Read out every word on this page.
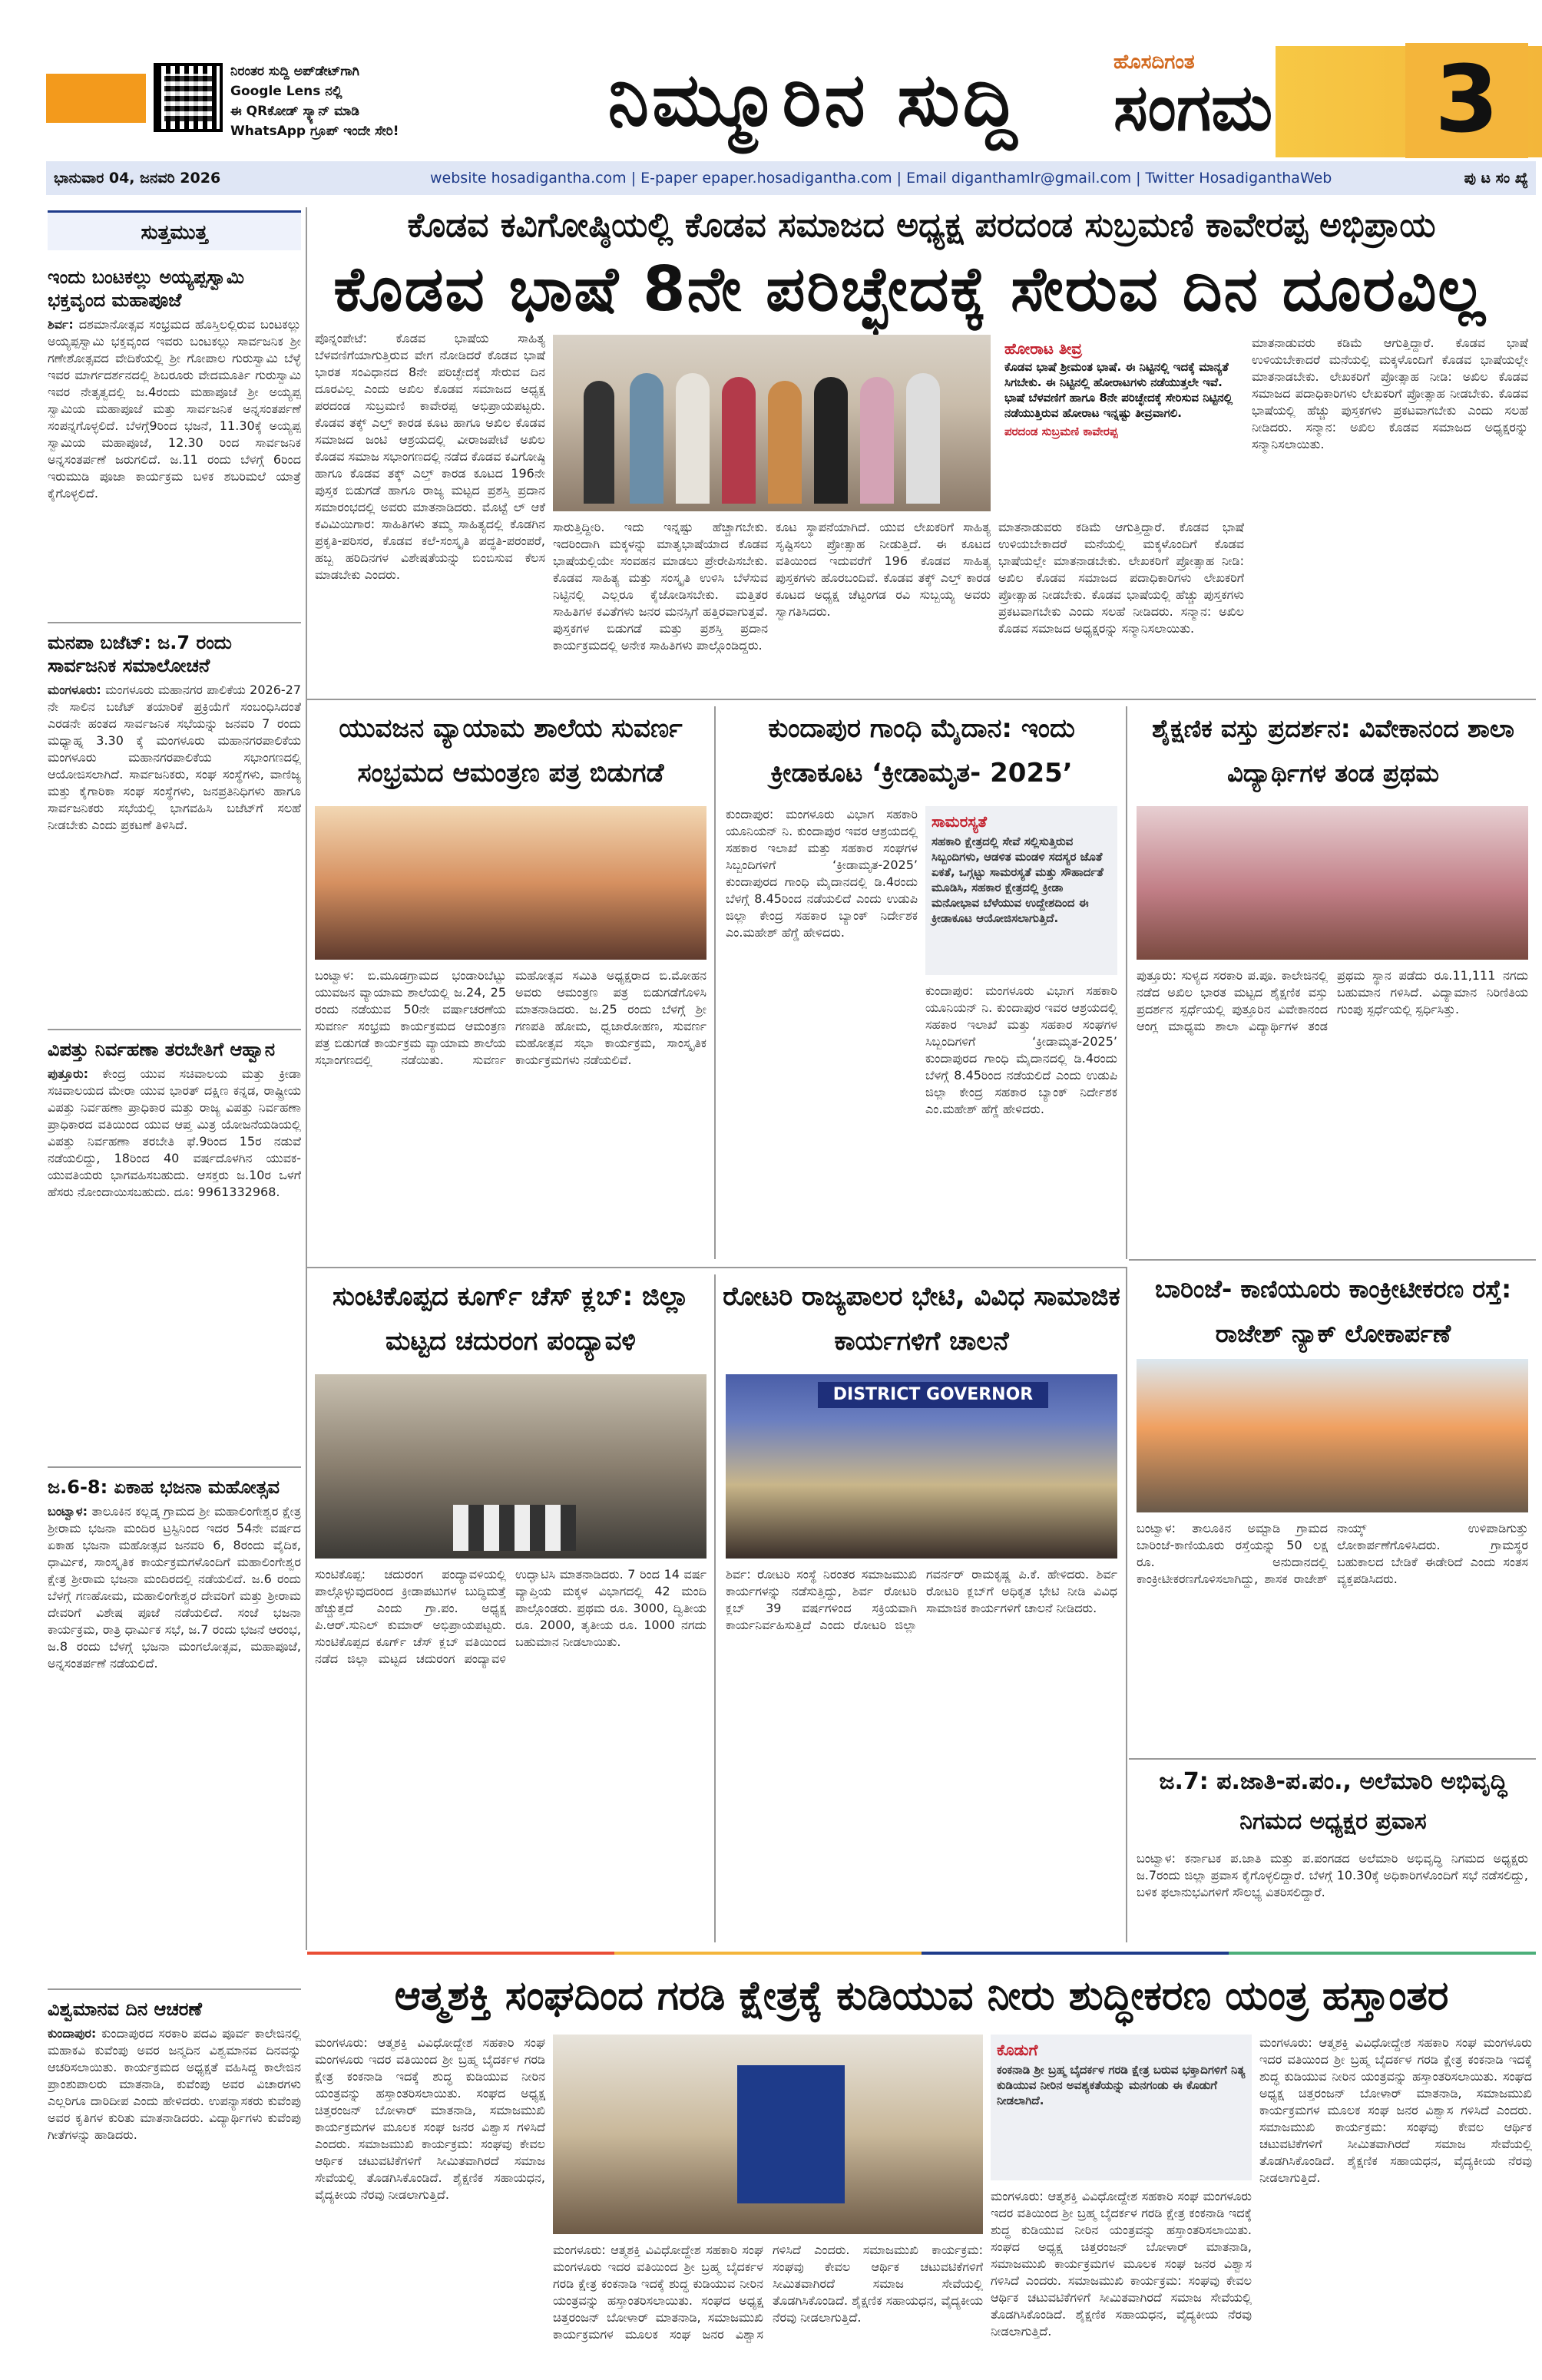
ನಿರಂತರ ಸುದ್ದಿ ಅಪ್‌ಡೇಟ್‌ಗಾಗಿ
Google Lens ನಲ್ಲಿ
ಈ QRಕೋಡ್ ಸ್ಕ್ಯಾನ್ ಮಾಡಿ
WhatsApp ಗ್ರೂಪ್ ಇಂದೇ ಸೇರಿ!	ನಿಮ್ಮೂರಿನ ಸುದ್ದಿ	ಹೊಸದಿಗಂತ
ಸಂಗಮ	3
ಭಾನುವಾರ 04, ಜನವರಿ 2026	website hosadigantha.com | E-paper epaper.hosadigantha.com | Email diganthamlr@gmail.com | Twitter HosadiganthaWeb	ಪು ಟ ಸಂ ಖ್ಯೆ
ಸುತ್ತಮುತ್ತ
ಇಂದು ಬಂಟಕಲ್ಲು ಅಯ್ಯಪ್ಪಸ್ವಾಮಿ ಭಕ್ತವೃಂದ ಮಹಾಪೂಜೆ
ಶಿರ್ವ: ದಶಮಾನೋತ್ಸವ ಸಂಭ್ರಮದ ಹೊಸ್ತಿಲಲ್ಲಿರುವ ಬಂಟಕಲ್ಲು ಅಯ್ಯಪ್ಪಸ್ವಾಮಿ ಭಕ್ತವೃಂದ ಇವರು ಬಂಟಕಲ್ಲು ಸಾರ್ವಜನಿಕ ಶ್ರೀ ಗಣೇಶೋತ್ಸವದ ವೇದಿಕೆಯಲ್ಲಿ ಶ್ರೀ ಗೋಪಾಲ ಗುರುಸ್ವಾಮಿ ಬೆಳ್ಳೆ ಇವರ ಮಾರ್ಗದರ್ಶನದಲ್ಲಿ ಶಿಬರೂರು ವೇದಮೂರ್ತಿ ಗುರುಸ್ವಾಮಿ ಇವರ ನೇತೃತ್ವದಲ್ಲಿ ಜ.4ರಂದು ಮಹಾಪೂಜೆ ಶ್ರೀ ಅಯ್ಯಪ್ಪ ಸ್ವಾಮಿಯ ಮಹಾಪೂಜೆ ಮತ್ತು ಸಾರ್ವಜನಿಕ ಅನ್ನಸಂತರ್ಪಣೆ ಸಂಪನ್ನಗೊಳ್ಳಲಿದೆ. ಬೆಳಗ್ಗೆ9ರಿಂದ ಭಜನೆ, 11.30ಕ್ಕೆ ಅಯ್ಯಪ್ಪ ಸ್ವಾಮಿಯ ಮಹಾಪೂಜೆ, 12.30 ರಿಂದ ಸಾರ್ವಜನಿಕ ಅನ್ನಸಂತರ್ಪಣೆ ಜರುಗಲಿದೆ. ಜ.11 ರಂದು ಬೆಳಗ್ಗೆ 6ರಿಂದ ಇರುಮುಡಿ ಪೂಜಾ ಕಾರ್ಯಕ್ರಮ ಬಳಿಕ ಶಬರಿಮಲೆ ಯಾತ್ರೆ ಕೈಗೊಳ್ಳಲಿದೆ.
ಮನಪಾ ಬಜೆಟ್: ಜ.7 ರಂದು ಸಾರ್ವಜನಿಕ ಸಮಾಲೋಚನೆ
ಮಂಗಳೂರು: ಮಂಗಳೂರು ಮಹಾನಗರ ಪಾಲಿಕೆಯ 2026-27 ನೇ ಸಾಲಿನ ಬಜೆಟ್ ತಯಾರಿಕೆ ಪ್ರಕ್ರಿಯೆಗೆ ಸಂಬಂಧಿಸಿದಂತೆ ಎರಡನೇ ಹಂತದ ಸಾರ್ವಜನಿಕ ಸಭೆಯನ್ನು ಜನವರಿ 7 ರಂದು ಮಧ್ಯಾಹ್ನ 3.30 ಕ್ಕೆ ಮಂಗಳೂರು ಮಹಾನಗರಪಾಲಿಕೆಯ ಮಂಗಳೂರು ಮಹಾನಗರಪಾಲಿಕೆಯ ಸಭಾಂಗಣದಲ್ಲಿ ಆಯೋಜಿಸಲಾಗಿದೆ. ಸಾರ್ವಜನಿಕರು, ಸಂಘ ಸಂಸ್ಥೆಗಳು, ವಾಣಿಜ್ಯ ಮತ್ತು ಕೈಗಾರಿಕಾ ಸಂಘ ಸಂಸ್ಥೆಗಳು, ಜನಪ್ರತಿನಿಧಿಗಳು ಹಾಗೂ ಸಾರ್ವಜನಿಕರು ಸಭೆಯಲ್ಲಿ ಭಾಗವಹಿಸಿ ಬಜೆಟ್‌ಗೆ ಸಲಹೆ ನೀಡಬೇಕು ಎಂದು ಪ್ರಕಟಣೆ ತಿಳಿಸಿದೆ.
ವಿಪತ್ತು ನಿರ್ವಹಣಾ ತರಬೇತಿಗೆ ಆಹ್ವಾನ
ಪುತ್ತೂರು: ಕೇಂದ್ರ ಯುವ ಸಚಿವಾಲಯ ಮತ್ತು ಕ್ರೀಡಾ ಸಚಿವಾಲಯದ ಮೇರಾ ಯುವ ಭಾರತ್ ದಕ್ಷಿಣ ಕನ್ನಡ, ರಾಷ್ಟ್ರೀಯ ವಿಪತ್ತು ನಿರ್ವಹಣಾ ಪ್ರಾಧಿಕಾರ ಮತ್ತು ರಾಜ್ಯ ವಿಪತ್ತು ನಿರ್ವಹಣಾ ಪ್ರಾಧಿಕಾರದ ವತಿಯಿಂದ ಯುವ ಆಪ್ತ ಮಿತ್ರ ಯೋಜನೆಯಡಿಯಲ್ಲಿ ವಿಪತ್ತು ನಿರ್ವಹಣಾ ತರಬೇತಿ ಫೆ.9ರಿಂದ 15ರ ನಡುವೆ ನಡೆಯಲಿದ್ದು, 18ರಿಂದ 40 ವರ್ಷದೊಳಗಿನ ಯುವಕ-ಯುವತಿಯರು ಭಾಗವಹಿಸಬಹುದು. ಆಸಕ್ತರು ಜ.10ರ ಒಳಗೆ ಹೆಸರು ನೋಂದಾಯಿಸಬಹುದು. ದೂ: 9961332968.
ಜ.6-8: ಏಕಾಹ ಭಜನಾ ಮಹೋತ್ಸವ
ಬಂಟ್ವಾಳ: ತಾಲೂಕಿನ ಕಲ್ಲಡ್ಕ ಗ್ರಾಮದ ಶ್ರೀ ಮಹಾಲಿಂಗೇಶ್ವರ ಕ್ಷೇತ್ರ ಶ್ರೀರಾಮ ಭಜನಾ ಮಂದಿರ ಟ್ರಸ್ಟಿನಿಂದ ಇದರ 54ನೇ ವರ್ಷದ ಏಕಾಹ ಭಜನಾ ಮಹೋತ್ಸವ ಜನವರಿ 6, 8ರಂದು ವೈದಿಕ, ಧಾರ್ಮಿಕ, ಸಾಂಸ್ಕೃತಿಕ ಕಾರ್ಯಕ್ರಮಗಳೊಂದಿಗೆ ಮಹಾಲಿಂಗೇಶ್ವರ ಕ್ಷೇತ್ರ ಶ್ರೀರಾಮ ಭಜನಾ ಮಂದಿರದಲ್ಲಿ ನಡೆಯಲಿದೆ. ಜ.6 ರಂದು ಬೆಳಗ್ಗೆ ಗಣಹೋಮ, ಮಹಾಲಿಂಗೇಶ್ವರ ದೇವರಿಗೆ ಮತ್ತು ಶ್ರೀರಾಮ ದೇವರಿಗೆ ವಿಶೇಷ ಪೂಜೆ ನಡೆಯಲಿದೆ. ಸಂಜೆ ಭಜನಾ ಕಾರ್ಯಕ್ರಮ, ರಾತ್ರಿ ಧಾರ್ಮಿಕ ಸಭೆ, ಜ.7 ರಂದು ಭಜನೆ ಆರಂಭ, ಜ.8 ರಂದು ಬೆಳಗ್ಗೆ ಭಜನಾ ಮಂಗಲೋತ್ಸವ, ಮಹಾಪೂಜೆ, ಅನ್ನಸಂತರ್ಪಣೆ ನಡೆಯಲಿದೆ.
ವಿಶ್ವಮಾನವ ದಿನ ಆಚರಣೆ
ಕುಂದಾಪುರ: ಕುಂದಾಪುರದ ಸರಕಾರಿ ಪದವಿ ಪೂರ್ವ ಕಾಲೇಜಿನಲ್ಲಿ ಮಹಾಕವಿ ಕುವೆಂಪು ಅವರ ಜನ್ಮದಿನ ವಿಶ್ವಮಾನವ ದಿನವನ್ನು ಆಚರಿಸಲಾಯಿತು. ಕಾರ್ಯಕ್ರಮದ ಅಧ್ಯಕ್ಷತೆ ವಹಿಸಿದ್ದ ಕಾಲೇಜಿನ ಪ್ರಾಂಶುಪಾಲರು ಮಾತನಾಡಿ, ಕುವೆಂಪು ಅವರ ವಿಚಾರಗಳು ಎಲ್ಲರಿಗೂ ದಾರಿದೀಪ ಎಂದು ಹೇಳಿದರು. ಉಪನ್ಯಾಸಕರು ಕುವೆಂಪು ಅವರ ಕೃತಿಗಳ ಕುರಿತು ಮಾತನಾಡಿದರು. ವಿದ್ಯಾರ್ಥಿಗಳು ಕುವೆಂಪು ಗೀತೆಗಳನ್ನು ಹಾಡಿದರು.
ಕೊಡವ ಕವಿಗೋಷ್ಠಿಯಲ್ಲಿ ಕೊಡವ ಸಮಾಜದ ಅಧ್ಯಕ್ಷ ಪರದಂಡ ಸುಬ್ರಮಣಿ ಕಾವೇರಪ್ಪ ಅಭಿಪ್ರಾಯ
ಕೊಡವ ಭಾಷೆ 8ನೇ ಪರಿಚ್ಛೇದಕ್ಕೆ ಸೇರುವ ದಿನ ದೂರವಿಲ್ಲ
ಪೊನ್ನಂಪೇಟೆ: ಕೊಡವ ಭಾಷೆಯ ಸಾಹಿತ್ಯ ಬೆಳವಣಿಗೆಯಾಗುತ್ತಿರುವ ವೇಗ ನೋಡಿದರೆ ಕೊಡವ ಭಾಷೆ ಭಾರತ ಸಂವಿಧಾನದ 8ನೇ ಪರಿಚ್ಛೇದಕ್ಕೆ ಸೇರುವ ದಿನ ದೂರವಿಲ್ಲ ಎಂದು ಅಖಿಲ ಕೊಡವ ಸಮಾಜದ ಅಧ್ಯಕ್ಷ ಪರದಂಡ ಸುಬ್ರಮಣಿ ಕಾವೇರಪ್ಪ ಅಭಿಪ್ರಾಯಪಟ್ಟರು. ಕೊಡವ ತಕ್ಕ್ ಎಲ್ತ್ ಕಾರಡ ಕೂಟ ಹಾಗೂ ಅಖಿಲ ಕೊಡವ ಸಮಾಜದ ಜಂಟಿ ಆಶ್ರಯದಲ್ಲಿ ವೀರಾಜಪೇಟೆ ಅಖಿಲ ಕೊಡವ ಸಮಾಜ ಸಭಾಂಗಣದಲ್ಲಿ ನಡೆದ ಕೊಡವ ಕವಿಗೋಷ್ಠಿ ಹಾಗೂ ಕೊಡವ ತಕ್ಕ್ ಎಲ್ತ್ ಕಾರಡ ಕೂಟದ 196ನೇ ಪುಸ್ತಕ ಬಿಡುಗಡೆ ಹಾಗೂ ರಾಜ್ಯ ಮಟ್ಟದ ಪ್ರಶಸ್ತಿ ಪ್ರದಾನ ಸಮಾರಂಭದಲ್ಲಿ ಅವರು ಮಾತನಾಡಿದರು. ಮೊಟ್ಟೆ ಲ್ ಆಕೆ ಕವಿಮಿಯಿಗಾರ: ಸಾಹಿತಿಗಳು ತಮ್ಮ ಸಾಹಿತ್ಯದಲ್ಲಿ ಕೊಡಗಿನ ಪ್ರಕೃತಿ-ಪರಿಸರ, ಕೊಡವ ಕಲೆ-ಸಂಸ್ಕೃತಿ ಪದ್ಧತಿ-ಪರಂಪರೆ, ಹಬ್ಬ ಹರಿದಿನಗಳ ವಿಶೇಷತೆಯನ್ನು ಬಿಂಬಿಸುವ ಕೆಲಸ ಮಾಡಬೇಕು ಎಂದರು.
ಸಾರುತ್ತಿದ್ದೀರಿ. ಇದು ಇನ್ನಷ್ಟು ಹೆಚ್ಚಾಗಬೇಕು. ಇದರಿಂದಾಗಿ ಮಕ್ಕಳನ್ನು ಮಾತೃಭಾಷೆಯಾದ ಕೊಡವ ಭಾಷೆಯಲ್ಲಿಯೇ ಸಂವಹನ ಮಾಡಲು ಪ್ರೇರೇಪಿಸಬೇಕು. ಕೊಡವ ಸಾಹಿತ್ಯ ಮತ್ತು ಸಂಸ್ಕೃತಿ ಉಳಿಸಿ ಬೆಳೆಸುವ ನಿಟ್ಟಿನಲ್ಲಿ ಎಲ್ಲರೂ ಕೈಜೋಡಿಸಬೇಕು. ಮತ್ತಿತರ ಸಾಹಿತಿಗಳ ಕವಿತೆಗಳು ಜನರ ಮನಸ್ಸಿಗೆ ಹತ್ತಿರವಾಗುತ್ತವೆ. ಪುಸ್ತಕಗಳ ಬಿಡುಗಡೆ ಮತ್ತು ಪ್ರಶಸ್ತಿ ಪ್ರದಾನ ಕಾರ್ಯಕ್ರಮದಲ್ಲಿ ಅನೇಕ ಸಾಹಿತಿಗಳು ಪಾಲ್ಗೊಂಡಿದ್ದರು.
ಕೂಟ ಸ್ಥಾಪನೆಯಾಗಿದೆ. ಯುವ ಲೇಖಕರಿಗೆ ಸಾಹಿತ್ಯ ಸೃಷ್ಟಿಸಲು ಪ್ರೋತ್ಸಾಹ ನೀಡುತ್ತಿದೆ. ಈ ಕೂಟದ ವತಿಯಿಂದ ಇದುವರೆಗೆ 196 ಕೊಡವ ಸಾಹಿತ್ಯ ಪುಸ್ತಕಗಳು ಹೊರಬಂದಿವೆ. ಕೊಡವ ತಕ್ಕ್ ಎಲ್ತ್ ಕಾರಡ ಕೂಟದ ಅಧ್ಯಕ್ಷ ಚೆಟ್ಟಂಗಡ ರವಿ ಸುಬ್ಬಯ್ಯ ಅವರು ಸ್ವಾಗತಿಸಿದರು.
ಹೋರಾಟ ತೀವ್ರ
ಕೊಡವ ಭಾಷೆ ಶ್ರೀಮಂತ ಭಾಷೆ. ಈ ನಿಟ್ಟಿನಲ್ಲಿ ಇದಕ್ಕೆ ಮಾನ್ಯತೆ ಸಿಗಬೇಕು. ಈ ನಿಟ್ಟಿನಲ್ಲಿ ಹೋರಾಟಗಳು ನಡೆಯುತ್ತಲೇ ಇವೆ. ಭಾಷೆ ಬೆಳವಣಿಗೆ ಹಾಗೂ 8ನೇ ಪರಿಚ್ಛೇದಕ್ಕೆ ಸೇರಿಸುವ ನಿಟ್ಟಿನಲ್ಲಿ ನಡೆಯುತ್ತಿರುವ ಹೋರಾಟ ಇನ್ನಷ್ಟು ತೀವ್ರವಾಗಲಿ.
ಪರದಂಡ ಸುಬ್ರಮಣಿ ಕಾವೇರಪ್ಪ
ಮಾತನಾಡುವರು ಕಡಿಮೆ ಆಗುತ್ತಿದ್ದಾರೆ. ಕೊಡವ ಭಾಷೆ ಉಳಿಯಬೇಕಾದರೆ ಮನೆಯಲ್ಲಿ ಮಕ್ಕಳೊಂದಿಗೆ ಕೊಡವ ಭಾಷೆಯಲ್ಲೇ ಮಾತನಾಡಬೇಕು. ಲೇಖಕರಿಗೆ ಪ್ರೋತ್ಸಾಹ ನೀಡಿ: ಅಖಿಲ ಕೊಡವ ಸಮಾಜದ ಪದಾಧಿಕಾರಿಗಳು ಲೇಖಕರಿಗೆ ಪ್ರೋತ್ಸಾಹ ನೀಡಬೇಕು. ಕೊಡವ ಭಾಷೆಯಲ್ಲಿ ಹೆಚ್ಚು ಪುಸ್ತಕಗಳು ಪ್ರಕಟವಾಗಬೇಕು ಎಂದು ಸಲಹೆ ನೀಡಿದರು. ಸನ್ಮಾನ: ಅಖಿಲ ಕೊಡವ ಸಮಾಜದ ಅಧ್ಯಕ್ಷರನ್ನು ಸನ್ಮಾನಿಸಲಾಯಿತು.
ಮಾತನಾಡುವರು ಕಡಿಮೆ ಆಗುತ್ತಿದ್ದಾರೆ. ಕೊಡವ ಭಾಷೆ ಉಳಿಯಬೇಕಾದರೆ ಮನೆಯಲ್ಲಿ ಮಕ್ಕಳೊಂದಿಗೆ ಕೊಡವ ಭಾಷೆಯಲ್ಲೇ ಮಾತನಾಡಬೇಕು. ಲೇಖಕರಿಗೆ ಪ್ರೋತ್ಸಾಹ ನೀಡಿ: ಅಖಿಲ ಕೊಡವ ಸಮಾಜದ ಪದಾಧಿಕಾರಿಗಳು ಲೇಖಕರಿಗೆ ಪ್ರೋತ್ಸಾಹ ನೀಡಬೇಕು. ಕೊಡವ ಭಾಷೆಯಲ್ಲಿ ಹೆಚ್ಚು ಪುಸ್ತಕಗಳು ಪ್ರಕಟವಾಗಬೇಕು ಎಂದು ಸಲಹೆ ನೀಡಿದರು. ಸನ್ಮಾನ: ಅಖಿಲ ಕೊಡವ ಸಮಾಜದ ಅಧ್ಯಕ್ಷರನ್ನು ಸನ್ಮಾನಿಸಲಾಯಿತು.
ಯುವಜನ ವ್ಯಾಯಾಮ ಶಾಲೆಯ ಸುವರ್ಣ ಸಂಭ್ರಮದ ಆಮಂತ್ರಣ ಪತ್ರ ಬಿಡುಗಡೆ
ಬಂಟ್ವಾಳ: ಬಿ.ಮೂಡಗ್ರಾಮದ ಭಂಡಾರಿಬೆಟ್ಟು ಯುವಜನ ವ್ಯಾಯಾಮ ಶಾಲೆಯಲ್ಲಿ ಜ.24, 25 ರಂದು ನಡೆಯುವ 50ನೇ ವರ್ಷಾಚರಣೆಯ ಸುವರ್ಣ ಸಂಭ್ರಮ ಕಾರ್ಯಕ್ರಮದ ಆಮಂತ್ರಣ ಪತ್ರ ಬಿಡುಗಡೆ ಕಾರ್ಯಕ್ರಮ ವ್ಯಾಯಾಮ ಶಾಲೆಯ ಸಭಾಂಗಣದಲ್ಲಿ ನಡೆಯಿತು. ಸುವರ್ಣ ಮಹೋತ್ಸವ ಸಮಿತಿ ಅಧ್ಯಕ್ಷರಾದ ಬಿ.ಮೋಹನ ಅವರು ಆಮಂತ್ರಣ ಪತ್ರ ಬಿಡುಗಡೆಗೊಳಿಸಿ ಮಾತನಾಡಿದರು. ಜ.25 ರಂದು ಬೆಳಗ್ಗೆ ಶ್ರೀ ಗಣಪತಿ ಹೋಮ, ಧ್ವಜಾರೋಹಣ, ಸುವರ್ಣ ಮಹೋತ್ಸವ ಸಭಾ ಕಾರ್ಯಕ್ರಮ, ಸಾಂಸ್ಕೃತಿಕ ಕಾರ್ಯಕ್ರಮಗಳು ನಡೆಯಲಿವೆ.
ಕುಂದಾಪುರ ಗಾಂಧಿ ಮೈದಾನ: ಇಂದು ಕ್ರೀಡಾಕೂಟ ‘ಕ್ರೀಡಾಮೃತ- 2025’
ಕುಂದಾಪುರ: ಮಂಗಳೂರು ವಿಭಾಗ ಸಹಕಾರಿ ಯೂನಿಯನ್ ನಿ. ಕುಂದಾಪುರ ಇವರ ಆಶ್ರಯದಲ್ಲಿ ಸಹಕಾರ ಇಲಾಖೆ ಮತ್ತು ಸಹಕಾರ ಸಂಘಗಳ ಸಿಬ್ಬಂದಿಗಳಿಗೆ ‘ಕ್ರೀಡಾಮೃತ-2025’ ಕುಂದಾಪುರದ ಗಾಂಧಿ ಮೈದಾನದಲ್ಲಿ ಡಿ.4ರಂದು ಬೆಳಗ್ಗೆ 8.45ರಿಂದ ನಡೆಯಲಿದೆ ಎಂದು ಉಡುಪಿ ಜಿಲ್ಲಾ ಕೇಂದ್ರ ಸಹಕಾರ ಬ್ಯಾಂಕ್ ನಿರ್ದೇಶಕ ಎಂ.ಮಹೇಶ್ ಹೆಗ್ಡೆ ಹೇಳಿದರು.
ಸಾಮರಸ್ಯತೆ
ಸಹಕಾರಿ ಕ್ಷೇತ್ರದಲ್ಲಿ ಸೇವೆ ಸಲ್ಲಿಸುತ್ತಿರುವ ಸಿಬ್ಬಂದಿಗಳು, ಆಡಳಿತ ಮಂಡಳಿ ಸದಸ್ಯರ ಜೊತೆ ಏಕತೆ, ಒಗ್ಗಟ್ಟು ಸಾಮರಸ್ಯತೆ ಮತ್ತು ಸೌಹಾರ್ದತೆ ಮೂಡಿಸಿ, ಸಹಕಾರ ಕ್ಷೇತ್ರದಲ್ಲಿ ಕ್ರೀಡಾ ಮನೋಭಾವ ಬೆಳೆಯುವ ಉದ್ದೇಶದಿಂದ ಈ ಕ್ರೀಡಾಕೂಟ ಆಯೋಜಿಸಲಾಗುತ್ತಿದೆ.
ಕುಂದಾಪುರ: ಮಂಗಳೂರು ವಿಭಾಗ ಸಹಕಾರಿ ಯೂನಿಯನ್ ನಿ. ಕುಂದಾಪುರ ಇವರ ಆಶ್ರಯದಲ್ಲಿ ಸಹಕಾರ ಇಲಾಖೆ ಮತ್ತು ಸಹಕಾರ ಸಂಘಗಳ ಸಿಬ್ಬಂದಿಗಳಿಗೆ ‘ಕ್ರೀಡಾಮೃತ-2025’ ಕುಂದಾಪುರದ ಗಾಂಧಿ ಮೈದಾನದಲ್ಲಿ ಡಿ.4ರಂದು ಬೆಳಗ್ಗೆ 8.45ರಿಂದ ನಡೆಯಲಿದೆ ಎಂದು ಉಡುಪಿ ಜಿಲ್ಲಾ ಕೇಂದ್ರ ಸಹಕಾರ ಬ್ಯಾಂಕ್ ನಿರ್ದೇಶಕ ಎಂ.ಮಹೇಶ್ ಹೆಗ್ಡೆ ಹೇಳಿದರು.
ಶೈಕ್ಷಣಿಕ ವಸ್ತು ಪ್ರದರ್ಶನ: ವಿವೇಕಾನಂದ ಶಾಲಾ ವಿದ್ಯಾರ್ಥಿಗಳ ತಂಡ ಪ್ರಥಮ
ಪುತ್ತೂರು: ಸುಳ್ಯದ ಸರಕಾರಿ ಪ.ಪೂ. ಕಾಲೇಜಿನಲ್ಲಿ ನಡೆದ ಅಖಿಲ ಭಾರತ ಮಟ್ಟದ ಶೈಕ್ಷಣಿಕ ವಸ್ತು ಪ್ರದರ್ಶನ ಸ್ಪರ್ಧೆಯಲ್ಲಿ ಪುತ್ತೂರಿನ ವಿವೇಕಾನಂದ ಆಂಗ್ಲ ಮಾಧ್ಯಮ ಶಾಲಾ ವಿದ್ಯಾರ್ಥಿಗಳ ತಂಡ ಪ್ರಥಮ ಸ್ಥಾನ ಪಡೆದು ರೂ.11,111 ನಗದು ಬಹುಮಾನ ಗಳಿಸಿದೆ. ವಿದ್ಯಾಮಾನ ನಿರಿಣಿತಿಯ ಗುಂಪು ಸ್ಪರ್ಧೆಯಲ್ಲಿ ಸ್ಪರ್ಧಿಸಿತ್ತು.
ಬಾರಿಂಜೆ- ಕಾಣಿಯೂರು ಕಾಂಕ್ರೀಟೀಕರಣ ರಸ್ತೆ: ರಾಜೇಶ್ ನ್ಯಾಕ್ ಲೋಕಾರ್ಪಣೆ
ಬಂಟ್ವಾಳ: ತಾಲೂಕಿನ ಅಮ್ಟಾಡಿ ಗ್ರಾಮದ ಬಾರಿಂಜೆ-ಕಾಣಿಯೂರು ರಸ್ತೆಯನ್ನು 50 ಲಕ್ಷ ರೂ. ಅನುದಾನದಲ್ಲಿ ಕಾಂಕ್ರೀಟೀಕರಣಗೊಳಿಸಲಾಗಿದ್ದು, ಶಾಸಕ ರಾಜೇಶ್ ನಾಯ್ಕ್ ಉಳಿಪಾಡಿಗುತ್ತು ಲೋಕಾರ್ಪಣೆಗೊಳಿಸಿದರು. ಗ್ರಾಮಸ್ಥರ ಬಹುಕಾಲದ ಬೇಡಿಕೆ ಈಡೇರಿದೆ ಎಂದು ಸಂತಸ ವ್ಯಕ್ತಪಡಿಸಿದರು.
ಸುಂಟಿಕೊಪ್ಪದ ಕೂರ್ಗ್ ಚೆಸ್ ಕ್ಲಬ್: ಜಿಲ್ಲಾ ಮಟ್ಟದ ಚದುರಂಗ ಪಂದ್ಯಾವಳಿ
ಸುಂಟಿಕೊಪ್ಪ: ಚದುರಂಗ ಪಂದ್ಯಾವಳಿಯಲ್ಲಿ ಪಾಲ್ಗೊಳ್ಳುವುದರಿಂದ ಕ್ರೀಡಾಪಟುಗಳ ಬುದ್ಧಿಮತ್ತೆ ಹೆಚ್ಚುತ್ತದೆ ಎಂದು ಗ್ರಾ.ಪಂ. ಅಧ್ಯಕ್ಷ ಪಿ.ಆರ್.ಸುನಿಲ್ ಕುಮಾರ್ ಅಭಿಪ್ರಾಯಪಟ್ಟರು. ಸುಂಟಿಕೊಪ್ಪದ ಕೂರ್ಗ್ ಚೆಸ್ ಕ್ಲಬ್ ವತಿಯಿಂದ ನಡೆದ ಜಿಲ್ಲಾ ಮಟ್ಟದ ಚದುರಂಗ ಪಂದ್ಯಾವಳಿ ಉದ್ಘಾಟಿಸಿ ಮಾತನಾಡಿದರು. 7 ರಿಂದ 14 ವರ್ಷ ವ್ಯಾಪ್ತಿಯ ಮಕ್ಕಳ ವಿಭಾಗದಲ್ಲಿ 42 ಮಂದಿ ಪಾಲ್ಗೊಂಡರು. ಪ್ರಥಮ ರೂ. 3000, ದ್ವಿತೀಯ ರೂ. 2000, ತೃತೀಯ ರೂ. 1000 ನಗದು ಬಹುಮಾನ ನೀಡಲಾಯಿತು.
ರೋಟರಿ ರಾಜ್ಯಪಾಲರ ಭೇಟಿ, ವಿವಿಧ ಸಾಮಾಜಿಕ ಕಾರ್ಯಗಳಿಗೆ ಚಾಲನೆ
DISTRICT GOVERNOR
ಶಿರ್ವ: ರೋಟರಿ ಸಂಸ್ಥೆ ನಿರಂತರ ಸಮಾಜಮುಖಿ ಕಾರ್ಯಗಳನ್ನು ನಡೆಸುತ್ತಿದ್ದು, ಶಿರ್ವ ರೋಟರಿ ಕ್ಲಬ್ 39 ವರ್ಷಗಳಿಂದ ಸಕ್ರಿಯವಾಗಿ ಕಾರ್ಯನಿರ್ವಹಿಸುತ್ತಿದೆ ಎಂದು ರೋಟರಿ ಜಿಲ್ಲಾ ಗವರ್ನರ್ ರಾಮಕೃಷ್ಣ ಪಿ.ಕೆ. ಹೇಳಿದರು. ಶಿರ್ವ ರೋಟರಿ ಕ್ಲಬ್‌ಗೆ ಅಧಿಕೃತ ಭೇಟಿ ನೀಡಿ ವಿವಿಧ ಸಾಮಾಜಿಕ ಕಾರ್ಯಗಳಿಗೆ ಚಾಲನೆ ನೀಡಿದರು.
ಜ.7: ಪ.ಜಾತಿ-ಪ.ಪಂ., ಅಲೆಮಾರಿ ಅಭಿವೃದ್ಧಿ ನಿಗಮದ ಅಧ್ಯಕ್ಷರ ಪ್ರವಾಸ
ಬಂಟ್ವಾಳ: ಕರ್ನಾಟಕ ಪ.ಜಾತಿ ಮತ್ತು ಪ.ಪಂಗಡದ ಅಲೆಮಾರಿ ಅಭಿವೃದ್ಧಿ ನಿಗಮದ ಅಧ್ಯಕ್ಷರು ಜ.7ರಂದು ಜಿಲ್ಲಾ ಪ್ರವಾಸ ಕೈಗೊಳ್ಳಲಿದ್ದಾರೆ. ಬೆಳಗ್ಗೆ 10.30ಕ್ಕೆ ಅಧಿಕಾರಿಗಳೊಂದಿಗೆ ಸಭೆ ನಡೆಸಲಿದ್ದು, ಬಳಿಕ ಫಲಾನುಭವಿಗಳಿಗೆ ಸೌಲಭ್ಯ ವಿತರಿಸಲಿದ್ದಾರೆ.
ಆತ್ಮಶಕ್ತಿ ಸಂಘದಿಂದ ಗರಡಿ ಕ್ಷೇತ್ರಕ್ಕೆ ಕುಡಿಯುವ ನೀರು ಶುದ್ಧೀಕರಣ ಯಂತ್ರ ಹಸ್ತಾಂತರ
ಮಂಗಳೂರು: ಆತ್ಮಶಕ್ತಿ ವಿವಿಧೋದ್ದೇಶ ಸಹಕಾರಿ ಸಂಘ ಮಂಗಳೂರು ಇದರ ವತಿಯಿಂದ ಶ್ರೀ ಬ್ರಹ್ಮ ಬೈದರ್ಕಳ ಗರಡಿ ಕ್ಷೇತ್ರ ಕಂಕನಾಡಿ ಇದಕ್ಕೆ ಶುದ್ಧ ಕುಡಿಯುವ ನೀರಿನ ಯಂತ್ರವನ್ನು ಹಸ್ತಾಂತರಿಸಲಾಯಿತು. ಸಂಘದ ಅಧ್ಯಕ್ಷ ಚಿತ್ತರಂಜನ್ ಬೋಳಾರ್ ಮಾತನಾಡಿ, ಸಮಾಜಮುಖಿ ಕಾರ್ಯಕ್ರಮಗಳ ಮೂಲಕ ಸಂಘ ಜನರ ವಿಶ್ವಾಸ ಗಳಿಸಿದೆ ಎಂದರು. ಸಮಾಜಮುಖಿ ಕಾರ್ಯಕ್ರಮ: ಸಂಘವು ಕೇವಲ ಆರ್ಥಿಕ ಚಟುವಟಿಕೆಗಳಿಗೆ ಸೀಮಿತವಾಗಿರದೆ ಸಮಾಜ ಸೇವೆಯಲ್ಲಿ ತೊಡಗಿಸಿಕೊಂಡಿದೆ. ಶೈಕ್ಷಣಿಕ ಸಹಾಯಧನ, ವೈದ್ಯಕೀಯ ನೆರವು ನೀಡಲಾಗುತ್ತಿದೆ.
ಮಂಗಳೂರು: ಆತ್ಮಶಕ್ತಿ ವಿವಿಧೋದ್ದೇಶ ಸಹಕಾರಿ ಸಂಘ ಮಂಗಳೂರು ಇದರ ವತಿಯಿಂದ ಶ್ರೀ ಬ್ರಹ್ಮ ಬೈದರ್ಕಳ ಗರಡಿ ಕ್ಷೇತ್ರ ಕಂಕನಾಡಿ ಇದಕ್ಕೆ ಶುದ್ಧ ಕುಡಿಯುವ ನೀರಿನ ಯಂತ್ರವನ್ನು ಹಸ್ತಾಂತರಿಸಲಾಯಿತು. ಸಂಘದ ಅಧ್ಯಕ್ಷ ಚಿತ್ತರಂಜನ್ ಬೋಳಾರ್ ಮಾತನಾಡಿ, ಸಮಾಜಮುಖಿ ಕಾರ್ಯಕ್ರಮಗಳ ಮೂಲಕ ಸಂಘ ಜನರ ವಿಶ್ವಾಸ ಗಳಿಸಿದೆ ಎಂದರು. ಸಮಾಜಮುಖಿ ಕಾರ್ಯಕ್ರಮ: ಸಂಘವು ಕೇವಲ ಆರ್ಥಿಕ ಚಟುವಟಿಕೆಗಳಿಗೆ ಸೀಮಿತವಾಗಿರದೆ ಸಮಾಜ ಸೇವೆಯಲ್ಲಿ ತೊಡಗಿಸಿಕೊಂಡಿದೆ. ಶೈಕ್ಷಣಿಕ ಸಹಾಯಧನ, ವೈದ್ಯಕೀಯ ನೆರವು ನೀಡಲಾಗುತ್ತಿದೆ.
ಕೊಡುಗೆ
ಕಂಕನಾಡಿ ಶ್ರೀ ಬ್ರಹ್ಮ ಬೈದರ್ಕಳ ಗರಡಿ ಕ್ಷೇತ್ರ ಬರುವ ಭಕ್ತಾದಿಗಳಿಗೆ ನಿತ್ಯ ಕುಡಿಯುವ ನೀರಿನ ಅವಶ್ಯಕತೆಯನ್ನು ಮನಗಂಡು ಈ ಕೊಡುಗೆ ನೀಡಲಾಗಿದೆ.
ಮಂಗಳೂರು: ಆತ್ಮಶಕ್ತಿ ವಿವಿಧೋದ್ದೇಶ ಸಹಕಾರಿ ಸಂಘ ಮಂಗಳೂರು ಇದರ ವತಿಯಿಂದ ಶ್ರೀ ಬ್ರಹ್ಮ ಬೈದರ್ಕಳ ಗರಡಿ ಕ್ಷೇತ್ರ ಕಂಕನಾಡಿ ಇದಕ್ಕೆ ಶುದ್ಧ ಕುಡಿಯುವ ನೀರಿನ ಯಂತ್ರವನ್ನು ಹಸ್ತಾಂತರಿಸಲಾಯಿತು. ಸಂಘದ ಅಧ್ಯಕ್ಷ ಚಿತ್ತರಂಜನ್ ಬೋಳಾರ್ ಮಾತನಾಡಿ, ಸಮಾಜಮುಖಿ ಕಾರ್ಯಕ್ರಮಗಳ ಮೂಲಕ ಸಂಘ ಜನರ ವಿಶ್ವಾಸ ಗಳಿಸಿದೆ ಎಂದರು. ಸಮಾಜಮುಖಿ ಕಾರ್ಯಕ್ರಮ: ಸಂಘವು ಕೇವಲ ಆರ್ಥಿಕ ಚಟುವಟಿಕೆಗಳಿಗೆ ಸೀಮಿತವಾಗಿರದೆ ಸಮಾಜ ಸೇವೆಯಲ್ಲಿ ತೊಡಗಿಸಿಕೊಂಡಿದೆ. ಶೈಕ್ಷಣಿಕ ಸಹಾಯಧನ, ವೈದ್ಯಕೀಯ ನೆರವು ನೀಡಲಾಗುತ್ತಿದೆ.
ಮಂಗಳೂರು: ಆತ್ಮಶಕ್ತಿ ವಿವಿಧೋದ್ದೇಶ ಸಹಕಾರಿ ಸಂಘ ಮಂಗಳೂರು ಇದರ ವತಿಯಿಂದ ಶ್ರೀ ಬ್ರಹ್ಮ ಬೈದರ್ಕಳ ಗರಡಿ ಕ್ಷೇತ್ರ ಕಂಕನಾಡಿ ಇದಕ್ಕೆ ಶುದ್ಧ ಕುಡಿಯುವ ನೀರಿನ ಯಂತ್ರವನ್ನು ಹಸ್ತಾಂತರಿಸಲಾಯಿತು. ಸಂಘದ ಅಧ್ಯಕ್ಷ ಚಿತ್ತರಂಜನ್ ಬೋಳಾರ್ ಮಾತನಾಡಿ, ಸಮಾಜಮುಖಿ ಕಾರ್ಯಕ್ರಮಗಳ ಮೂಲಕ ಸಂಘ ಜನರ ವಿಶ್ವಾಸ ಗಳಿಸಿದೆ ಎಂದರು. ಸಮಾಜಮುಖಿ ಕಾರ್ಯಕ್ರಮ: ಸಂಘವು ಕೇವಲ ಆರ್ಥಿಕ ಚಟುವಟಿಕೆಗಳಿಗೆ ಸೀಮಿತವಾಗಿರದೆ ಸಮಾಜ ಸೇವೆಯಲ್ಲಿ ತೊಡಗಿಸಿಕೊಂಡಿದೆ. ಶೈಕ್ಷಣಿಕ ಸಹಾಯಧನ, ವೈದ್ಯಕೀಯ ನೆರವು ನೀಡಲಾಗುತ್ತಿದೆ.
